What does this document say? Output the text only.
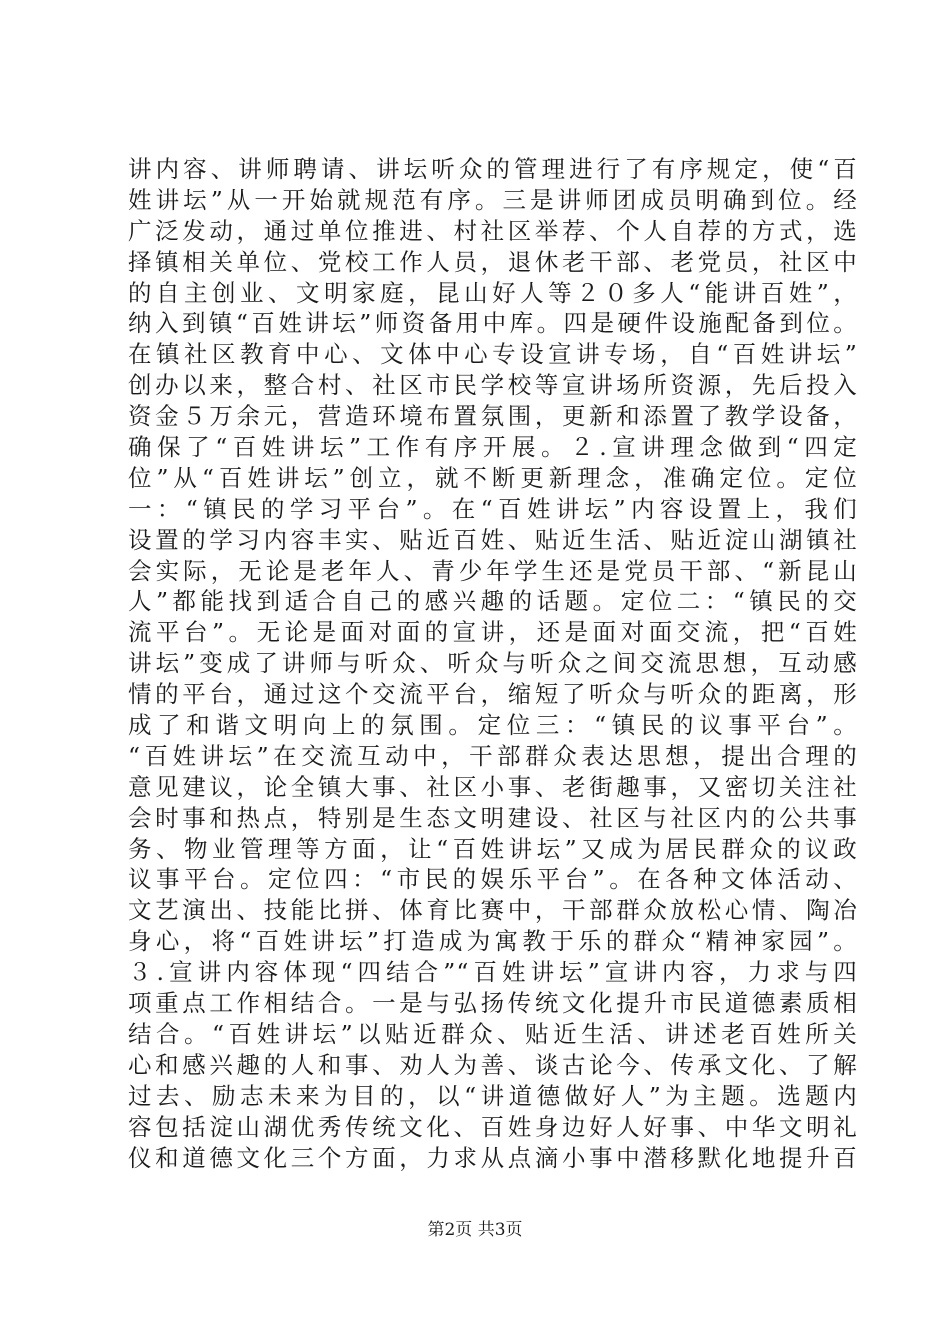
讲内容、讲师聘请、讲坛听众的管理进行了有序规定，使“百
姓讲坛”从一开始就规范有序。三是讲师团成员明确到位。经
广泛发动，通过单位推进、村社区举荐、个人自荐的方式，选
择镇相关单位、党校工作人员，退休老干部、老党员，社区中
的自主创业、文明家庭，昆山好人等２０多人“能讲百姓”，
纳入到镇“百姓讲坛”师资备用中库。四是硬件设施配备到位。
在镇社区教育中心、文体中心专设宣讲专场，自“百姓讲坛”
创办以来，整合村、社区市民学校等宣讲场所资源，先后投入
资金５万余元，营造环境布置氛围，更新和添置了教学设备，
确保了“百姓讲坛”工作有序开展。２.宣讲理念做到“四定
位”从“百姓讲坛”创立，就不断更新理念，准确定位。定位
一：“镇民的学习平台”。在“百姓讲坛”内容设置上，我们
设置的学习内容丰实、贴近百姓、贴近生活、贴近淀山湖镇社
会实际，无论是老年人、青少年学生还是党员干部、“新昆山
人”都能找到适合自己的感兴趣的话题。定位二：“镇民的交
流平台”。无论是面对面的宣讲，还是面对面交流，把“百姓
讲坛”变成了讲师与听众、听众与听众之间交流思想，互动感
情的平台，通过这个交流平台，缩短了听众与听众的距离，形
成了和谐文明向上的氛围。定位三：“镇民的议事平台”。
“百姓讲坛”在交流互动中，干部群众表达思想，提出合理的
意见建议，论全镇大事、社区小事、老街趣事，又密切关注社
会时事和热点，特别是生态文明建设、社区与社区内的公共事
务、物业管理等方面，让“百姓讲坛”又成为居民群众的议政
议事平台。定位四：“市民的娱乐平台”。在各种文体活动、
文艺演出、技能比拼、体育比赛中，干部群众放松心情、陶冶
身心，将“百姓讲坛”打造成为寓教于乐的群众“精神家园”。
３.宣讲内容体现“四结合”“百姓讲坛”宣讲内容，力求与四
项重点工作相结合。一是与弘扬传统文化提升市民道德素质相
结合。“百姓讲坛”以贴近群众、贴近生活、讲述老百姓所关
心和感兴趣的人和事、劝人为善、谈古论今、传承文化、了解
过去、励志未来为目的，以“讲道德做好人”为主题。选题内
容包括淀山湖优秀传统文化、百姓身边好人好事、中华文明礼
仪和道德文化三个方面，力求从点滴小事中潜移默化地提升百
第2页 共3页
